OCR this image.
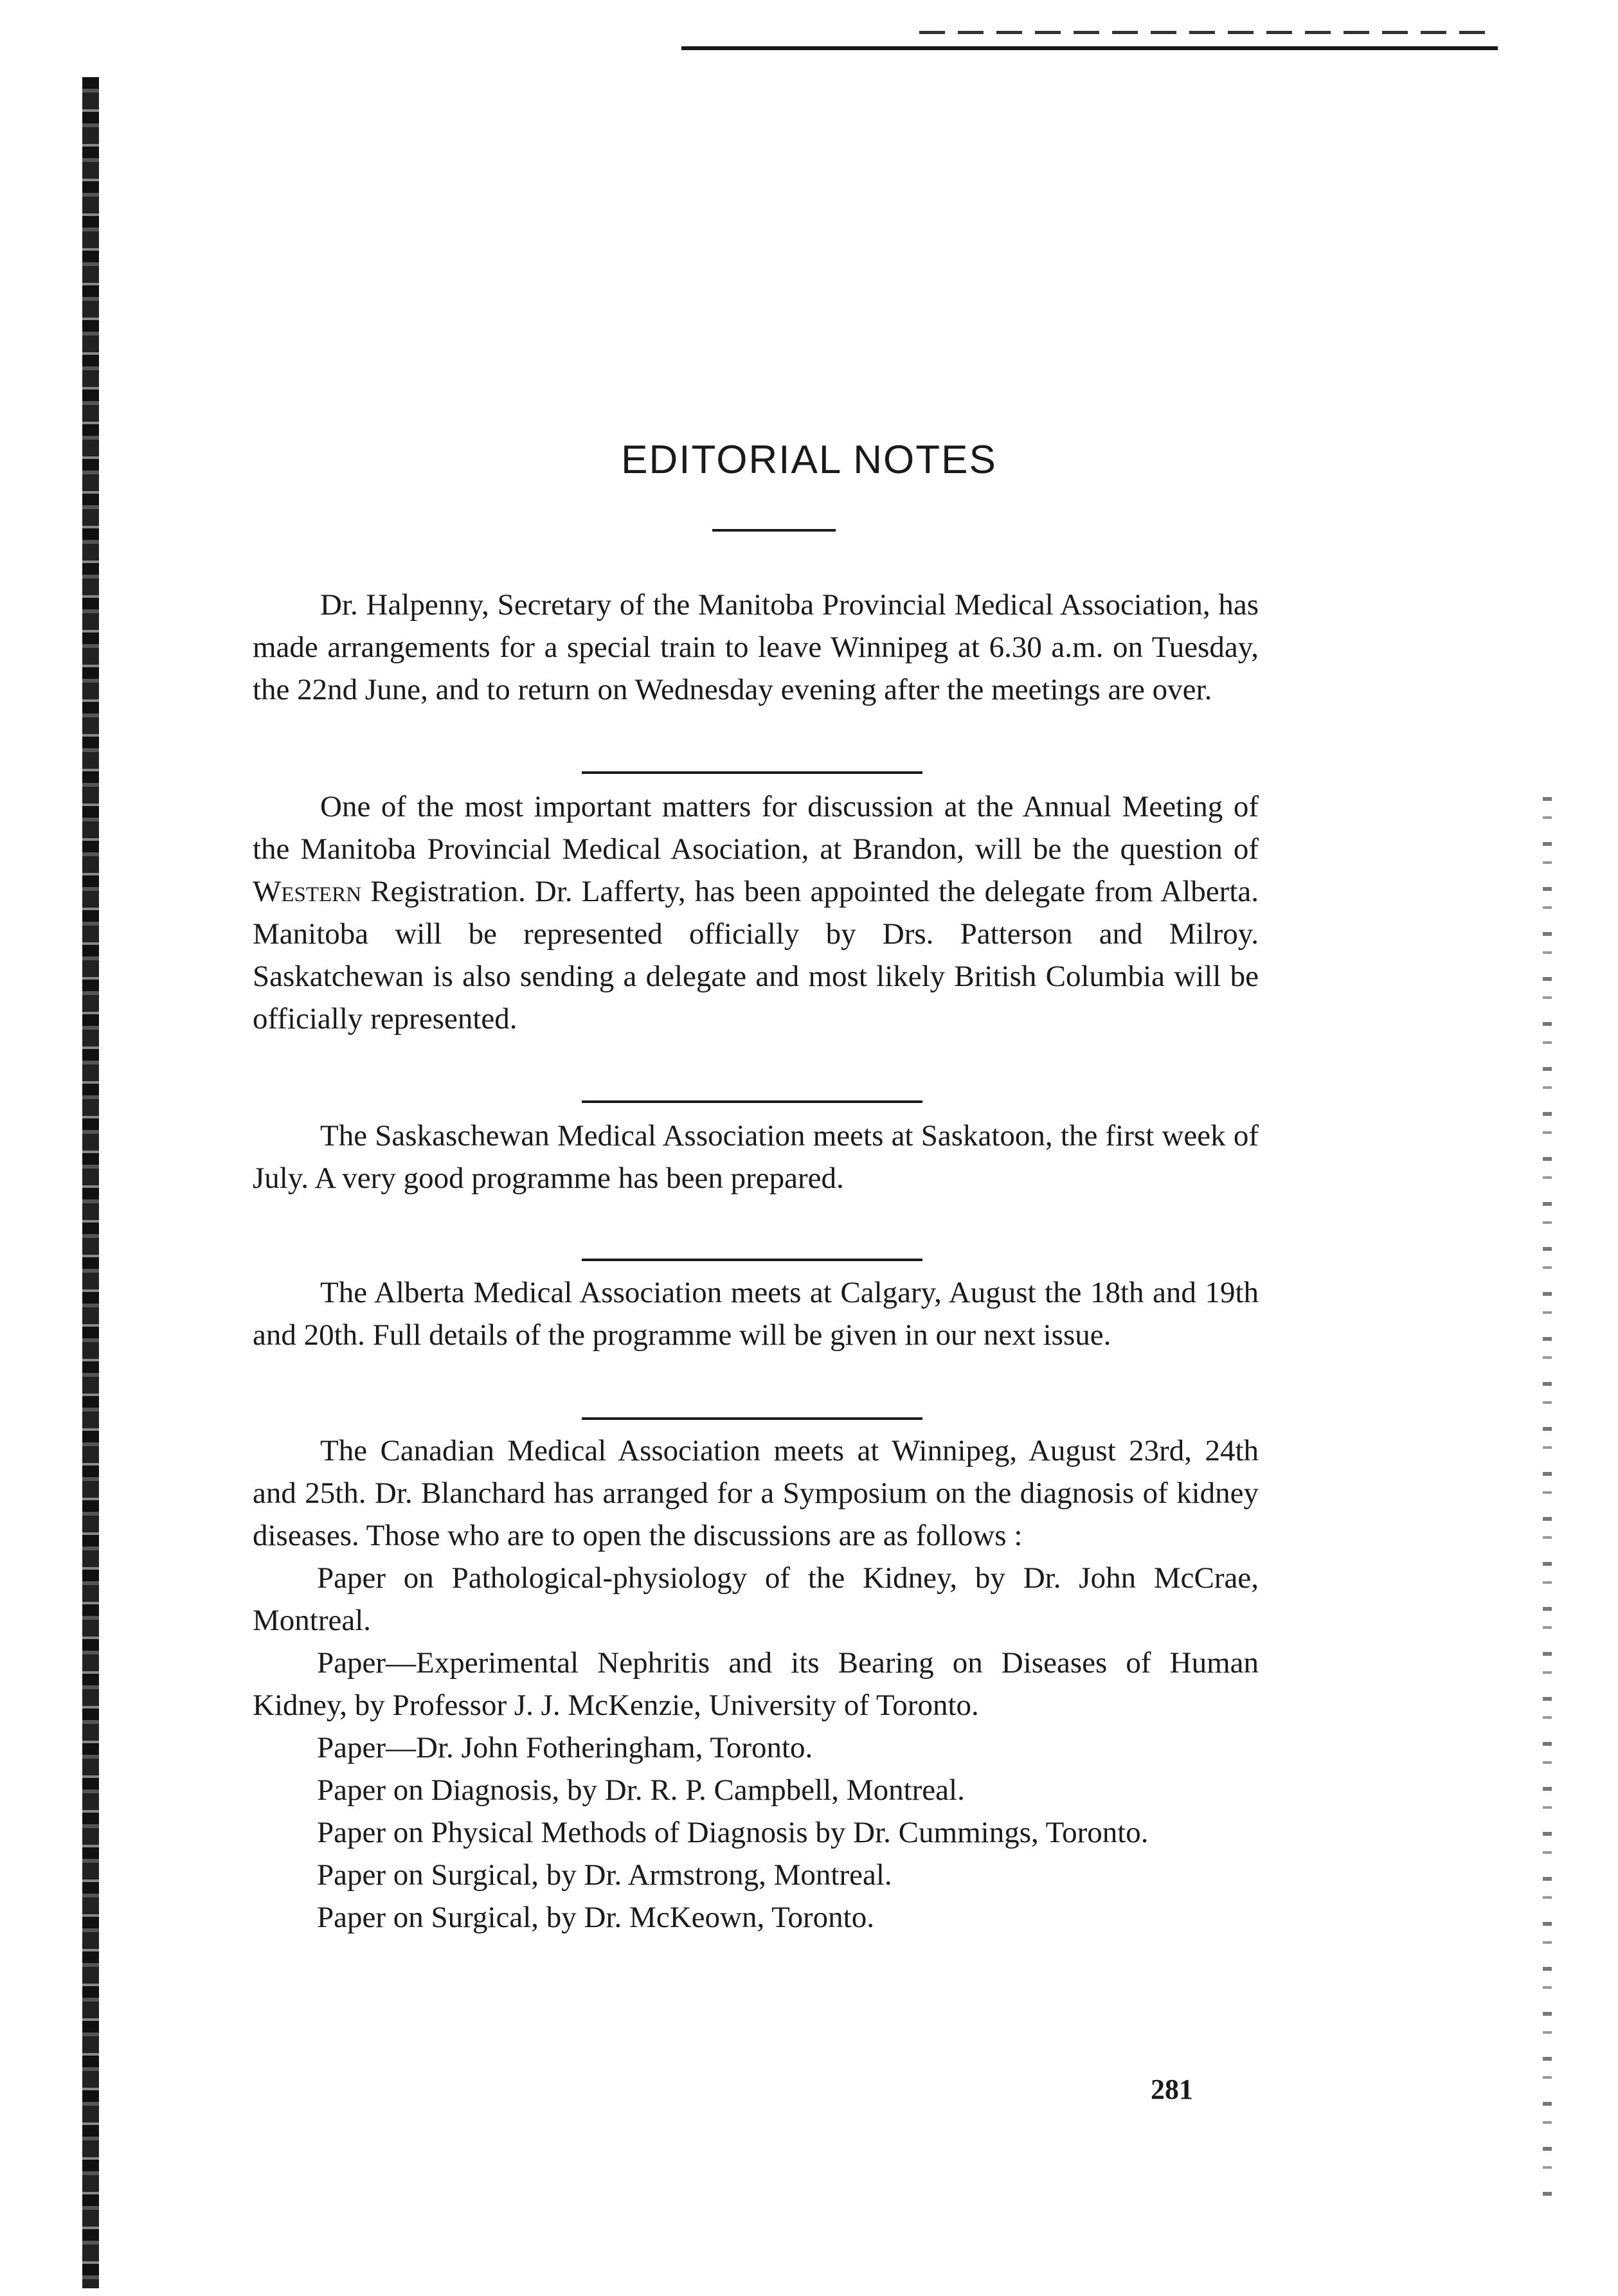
EDITORIAL NOTES

Dr. Halpenny, Secretary of the Manitoba Provincial Medical Association, has made arrangements for a special train to leave Winnipeg at 6.30 a.m. on Tuesday, the 22nd June, and to return on Wednesday evening after the meetings are over.

One of the most important matters for discussion at the Annual Meeting of the Manitoba Provincial Medical Asociation, at Brandon, will be the question of Western Registration. Dr. Lafferty, has been appointed the delegate from Alberta. Manitoba will be represented officially by Drs. Patterson and Milroy. Saskatchewan is also sending a delegate and most likely British Columbia will be officially represented.

The Saskaschewan Medical Association meets at Saskatoon, the first week of July. A very good programme has been prepared.

The Alberta Medical Association meets at Calgary, August the 18th and 19th and 20th. Full details of the programme will be given in our next issue.

The Canadian Medical Association meets at Winnipeg, August 23rd, 24th and 25th. Dr. Blanchard has arranged for a Symposium on the diagnosis of kidney diseases. Those who are to open the discussions are as follows :

Paper on Pathological-physiology of the Kidney, by Dr. John McCrae, Montreal.

Paper—Experimental Nephritis and its Bearing on Diseases of Human Kidney, by Professor J. J. McKenzie, University of Toronto.

Paper—Dr. John Fotheringham, Toronto.

Paper on Diagnosis, by Dr. R. P. Campbell, Montreal.

Paper on Physical Methods of Diagnosis by Dr. Cummings, Toronto.

Paper on Surgical, by Dr. Armstrong, Montreal.

Paper on Surgical, by Dr. McKeown, Toronto.

281
